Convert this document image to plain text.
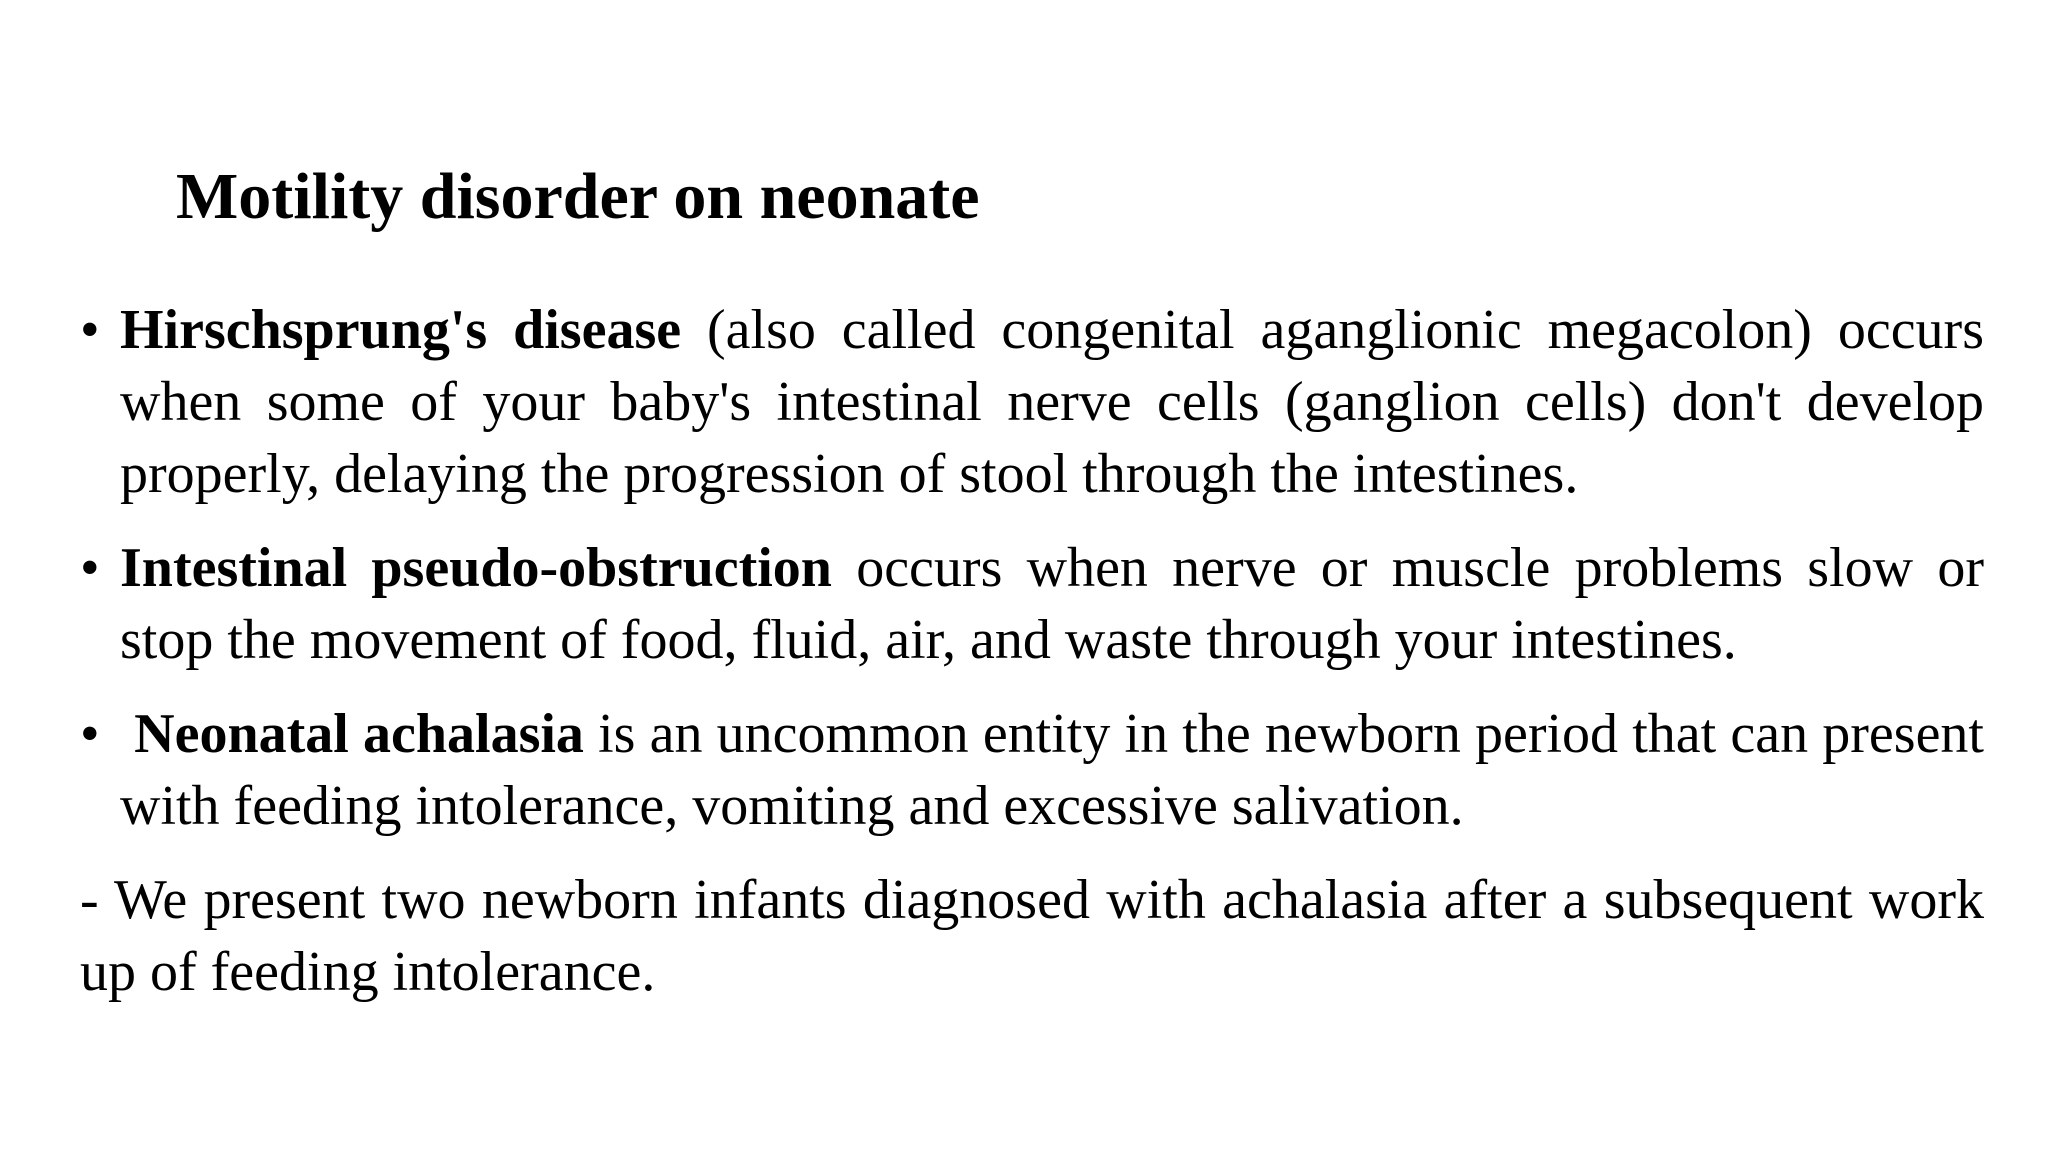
Motility disorder on neonate
• Hirschsprung's disease (also called congenital aganglionic megacolon) occurs when some of your baby's intestinal nerve cells (ganglion cells) don't develop properly, delaying the progression of stool through the intestines.
• Intestinal pseudo-obstruction occurs when nerve or muscle problems slow or stop the movement of food, fluid, air, and waste through your intestines.
• Neonatal achalasia is an uncommon entity in the newborn period that can present with feeding intolerance, vomiting and excessive salivation.

- We present two newborn infants diagnosed with achalasia after a subsequent work up of feeding intolerance.
